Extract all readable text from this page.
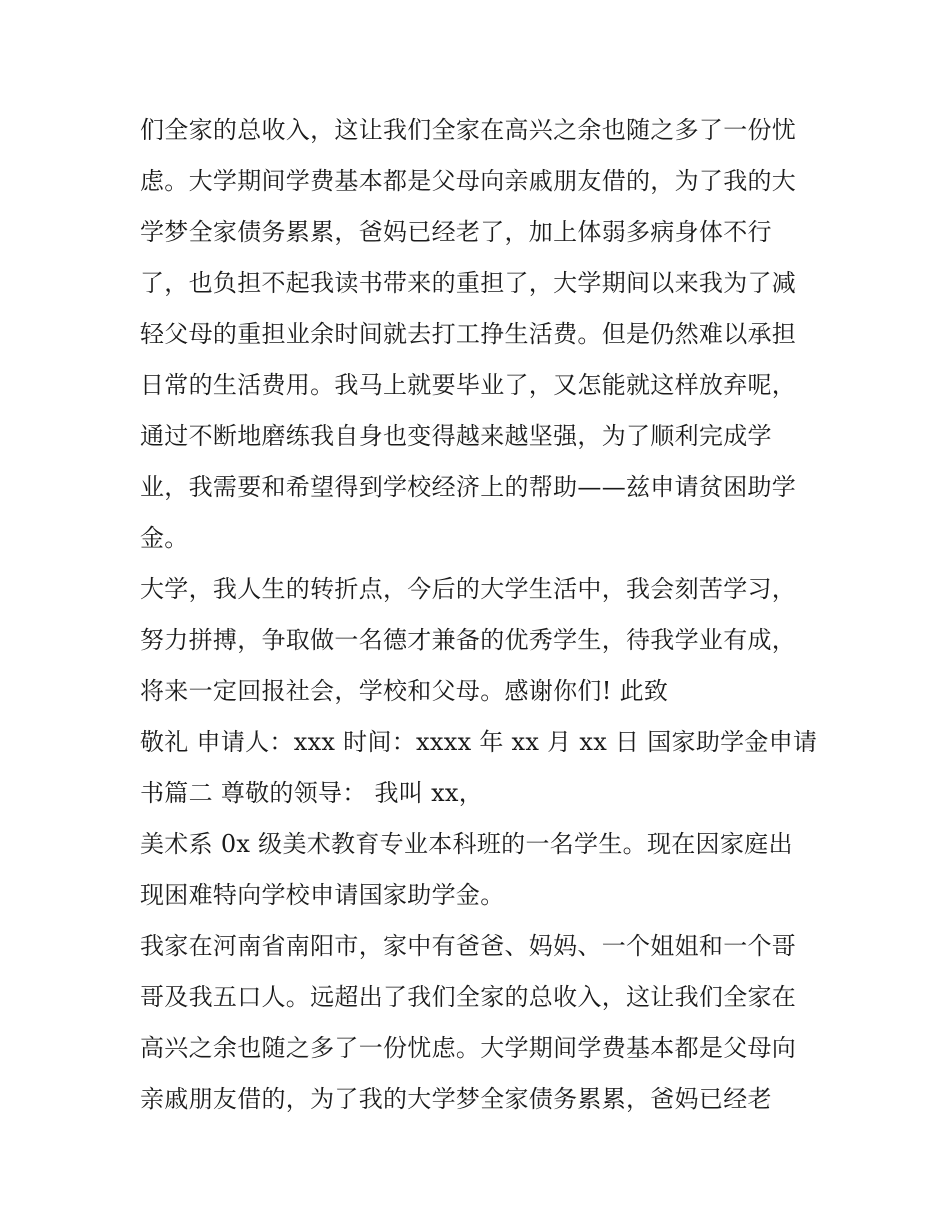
们全家的总收入，这让我们全家在高兴之余也随之多了一份忧
虑。大学期间学费基本都是父母向亲戚朋友借的，为了我的大
学梦全家债务累累，爸妈已经老了，加上体弱多病身体不行
了，也负担不起我读书带来的重担了，大学期间以来我为了减
轻父母的重担业余时间就去打工挣生活费。但是仍然难以承担
日常的生活费用。我马上就要毕业了，又怎能就这样放弃呢，
通过不断地磨练我自身也变得越来越坚强，为了顺利完成学
业，我需要和希望得到学校经济上的帮助——兹申请贫困助学
金。
大学，我人生的转折点，今后的大学生活中，我会刻苦学习，
努力拼搏，争取做一名德才兼备的优秀学生，待我学业有成，
将来一定回报社会，学校和父母。感谢你们! 此致
敬礼 申请人：xxx 时间：xxxx 年 xx 月 xx 日 国家助学金申请
书篇二 尊敬的领导： 我叫 xx，
美术系 0x 级美术教育专业本科班的一名学生。现在因家庭出
现困难特向学校申请国家助学金。
我家在河南省南阳市，家中有爸爸、妈妈、一个姐姐和一个哥
哥及我五口人。远超出了我们全家的总收入，这让我们全家在
高兴之余也随之多了一份忧虑。大学期间学费基本都是父母向
亲戚朋友借的，为了我的大学梦全家债务累累，爸妈已经老
